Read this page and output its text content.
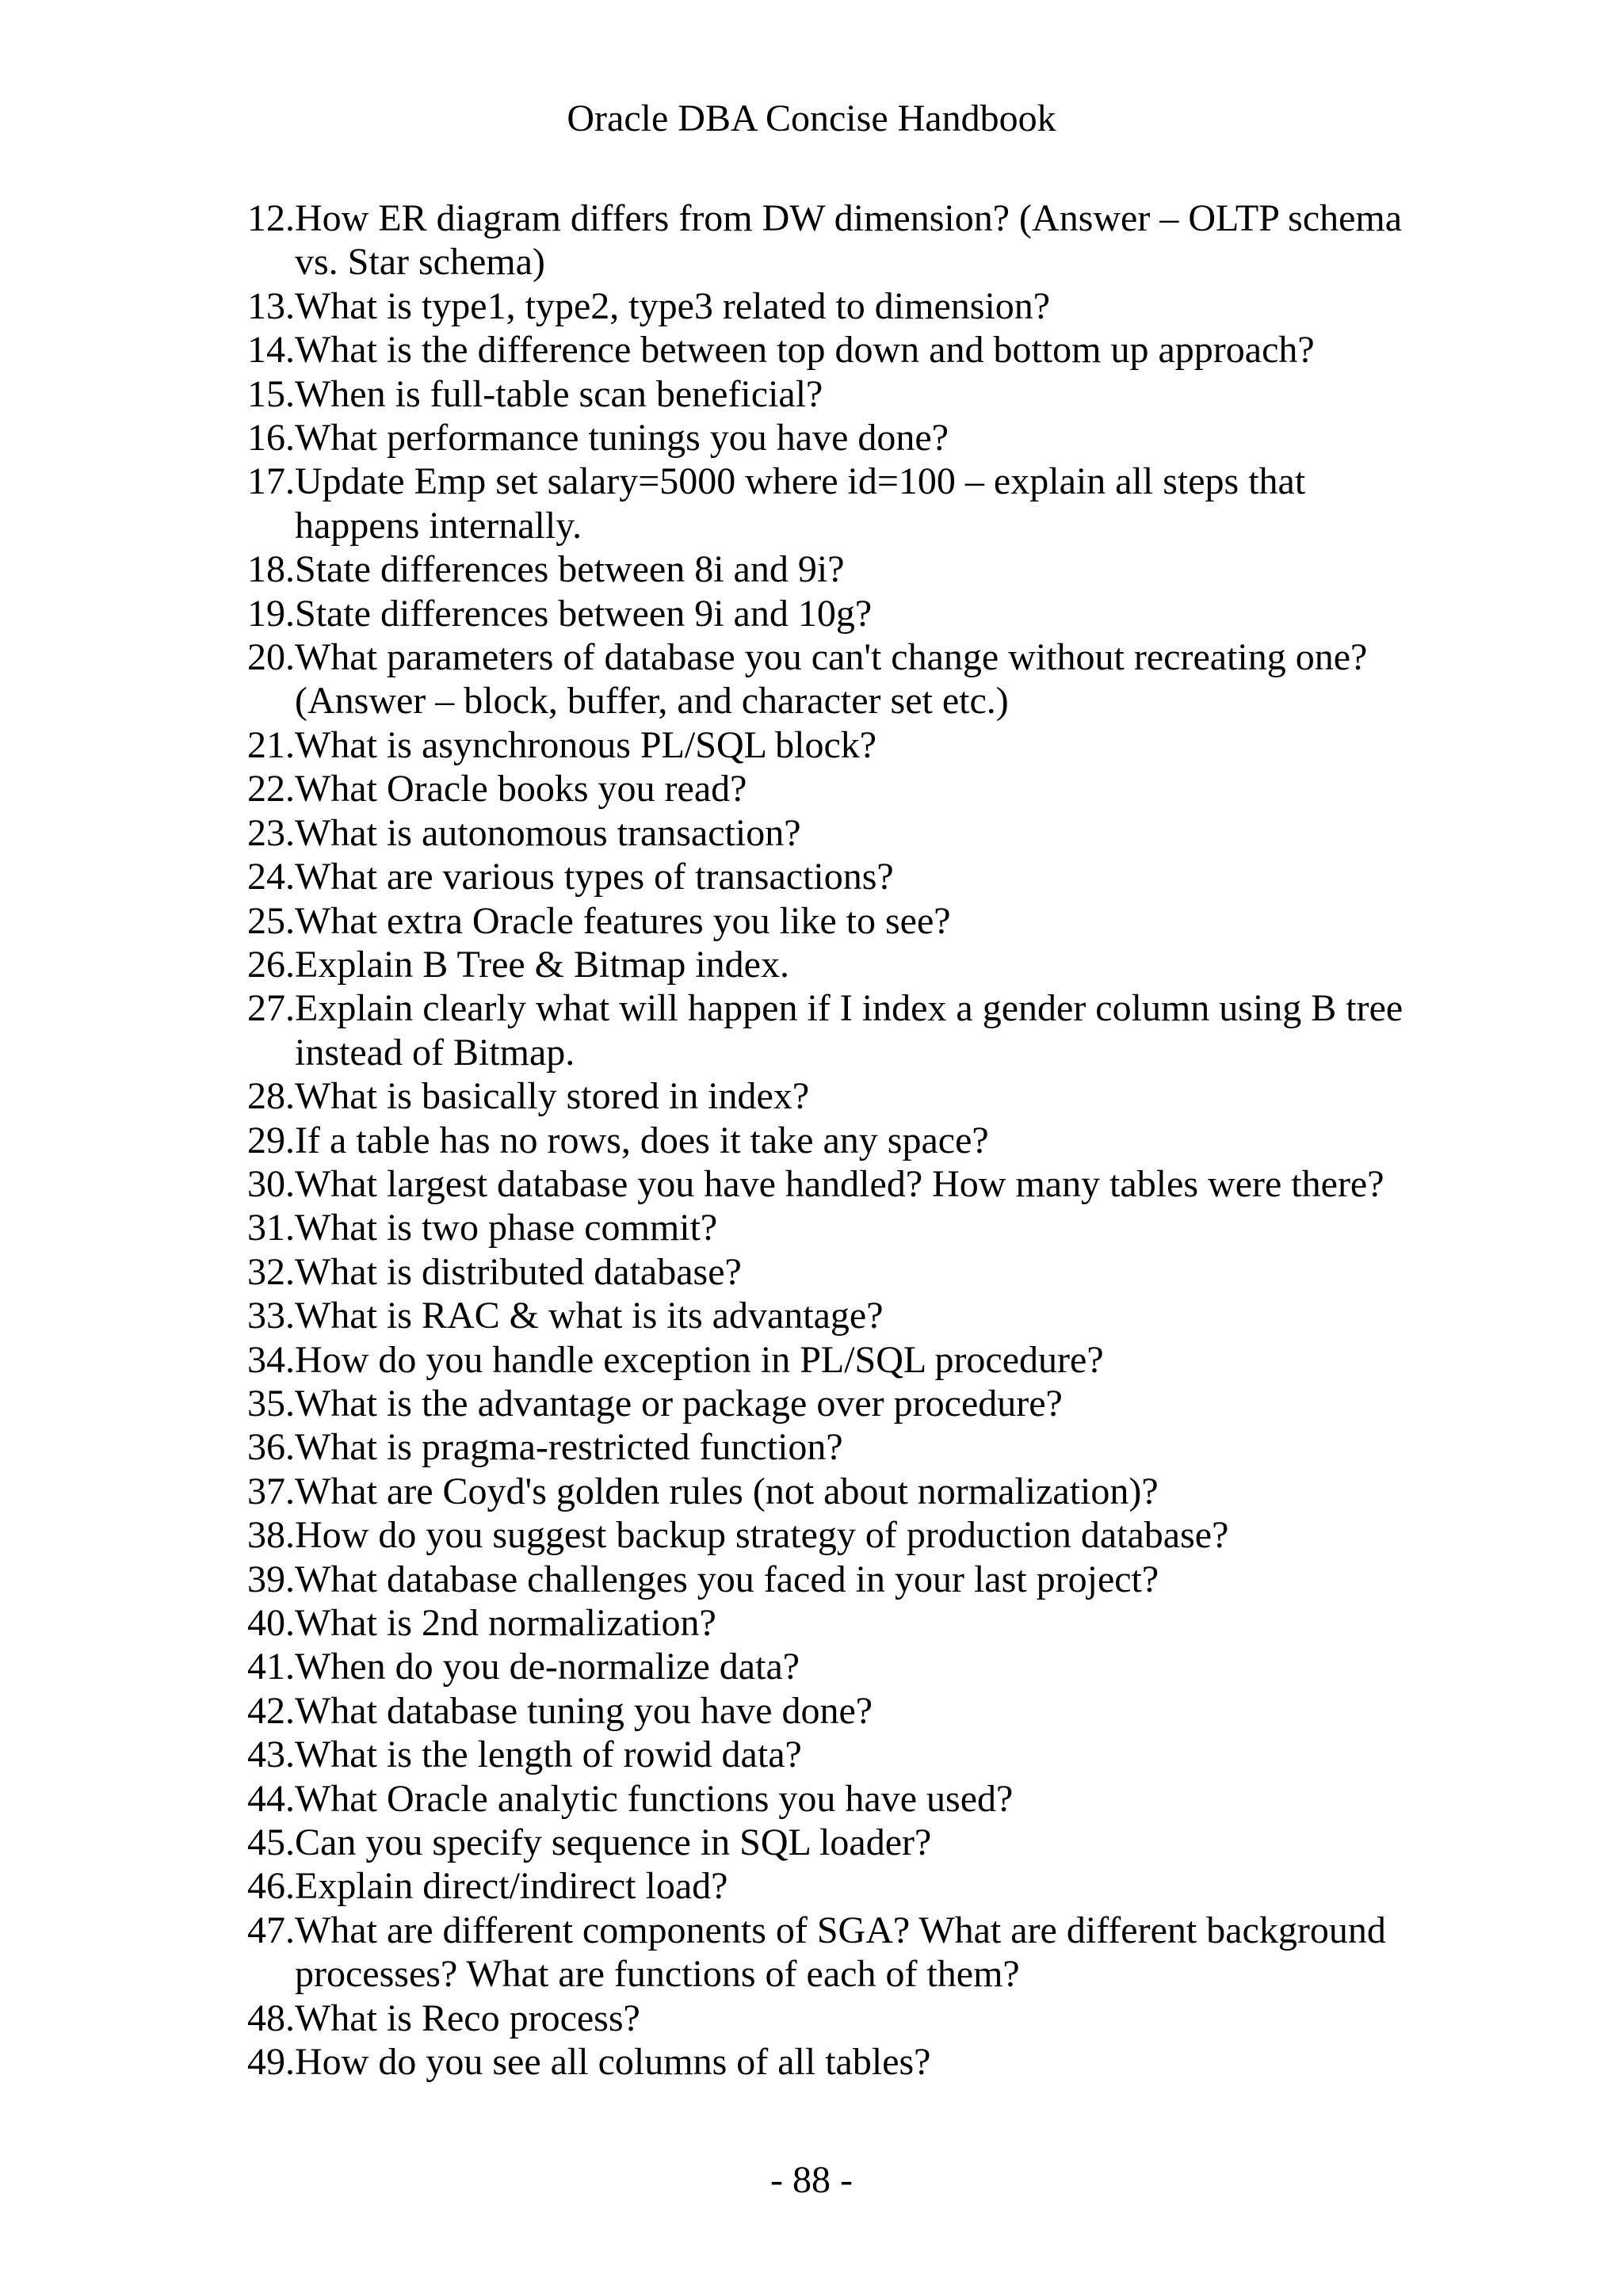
Oracle DBA Concise Handbook
12. How ER diagram differs from DW dimension? (Answer – OLTP schema
vs. Star schema)
13. What is type1, type2, type3 related to dimension?
14. What is the difference between top down and bottom up approach?
15. When is full-table scan beneficial?
16. What performance tunings you have done?
17. Update Emp set salary=5000 where id=100 – explain all steps that
happens internally.
18. State differences between 8i and 9i?
19. State differences between 9i and 10g?
20. What parameters of database you can't change without recreating one?
(Answer – block, buffer, and character set etc.)
21. What is asynchronous PL/SQL block?
22. What Oracle books you read?
23. What is autonomous transaction?
24. What are various types of transactions?
25. What extra Oracle features you like to see?
26. Explain B Tree & Bitmap index.
27. Explain clearly what will happen if I index a gender column using B tree
instead of Bitmap.
28. What is basically stored in index?
29. If a table has no rows, does it take any space?
30. What largest database you have handled? How many tables were there?
31. What is two phase commit?
32. What is distributed database?
33. What is RAC & what is its advantage?
34. How do you handle exception in PL/SQL procedure?
35. What is the advantage or package over procedure?
36. What is pragma-restricted function?
37. What are Coyd's golden rules (not about normalization)?
38. How do you suggest backup strategy of production database?
39. What database challenges you faced in your last project?
40. What is 2nd normalization?
41. When do you de-normalize data?
42. What database tuning you have done?
43. What is the length of rowid data?
44. What Oracle analytic functions you have used?
45. Can you specify sequence in SQL loader?
46. Explain direct/indirect load?
47. What are different components of SGA? What are different background
processes? What are functions of each of them?
48. What is Reco process?
49. How do you see all columns of all tables?
- 88 -
